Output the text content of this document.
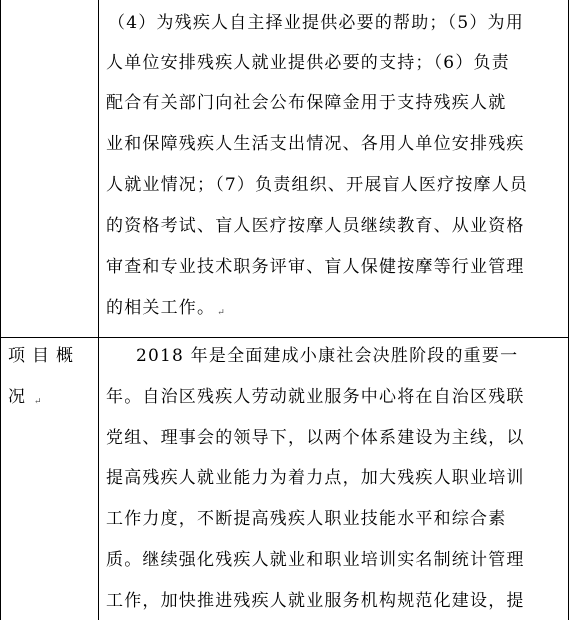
（4）为残疾人自主择业提供必要的帮助；（5）为用
人单位安排残疾人就业提供必要的支持；（6）负责
配合有关部门向社会公布保障金用于支持残疾人就
业和保障残疾人生活支出情况、各用人单位安排残疾
人就业情况；（7）负责组织、开展盲人医疗按摩人员
的资格考试、盲人医疗按摩人员继续教育、从业资格
审查和专业技术职务评审、盲人保健按摩等行业管理
的相关工作。 ↵
项目概
况 ↵
2018 年是全面建成小康社会决胜阶段的重要一
年。自治区残疾人劳动就业服务中心将在自治区残联
党组、理事会的领导下，以两个体系建设为主线，以
提高残疾人就业能力为着力点，加大残疾人职业培训
工作力度，不断提高残疾人职业技能水平和综合素
质。继续强化残疾人就业和职业培训实名制统计管理
工作，加快推进残疾人就业服务机构规范化建设，提
